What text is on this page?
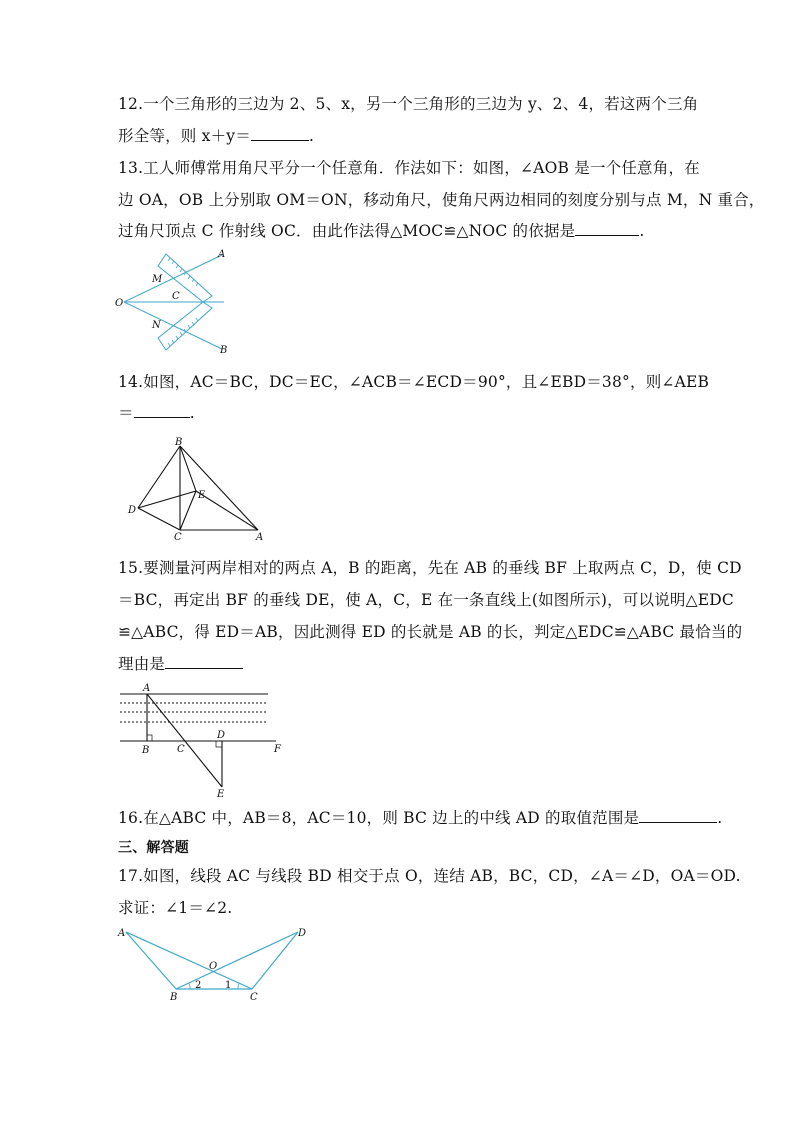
12.一个三角形的三边为 2、5、x，另一个三角形的三边为 y、2、4，若这两个三角
形全等，则 x＋y＝	.
13.工人师傅常用角尺平分一个任意角．作法如下：如图，∠AOB 是一个任意角，在
边 OA，OB 上分别取 OM＝ON，移动角尺，使角尺两边相同的刻度分别与点 M，N 重合，
过角尺顶点 C 作射线 OC．由此作法得△MOC≌△NOC 的依据是	.
A
B
O
M
N
C
14.如图，AC＝BC，DC＝EC，∠ACB＝∠ECD＝90°，且∠EBD＝38°，则∠AEB
＝	.
B
D
E
C	A
15.要测量河两岸相对的两点 A，B 的距离，先在 AB 的垂线 BF 上取两点 C，D，使 CD
＝BC，再定出 BF 的垂线 DE，使 A，C，E 在一条直线上(如图所示)，可以说明△EDC
≌△ABC，得 ED＝AB，因此测得 ED 的长就是 AB 的长，判定△EDC≌△ABC 最恰当的
理由是
A
B	C
D
E
F
16.在△ABC 中，AB＝8，AC＝10，则 BC 边上的中线 AD 的取值范围是	.
三、解答题
17.如图，线段 AC 与线段 BD 相交于点 O，连结 AB，BC，CD，∠A＝∠D，OA＝OD.
求证：∠1＝∠2.
A	D
O
B	C
2 1
